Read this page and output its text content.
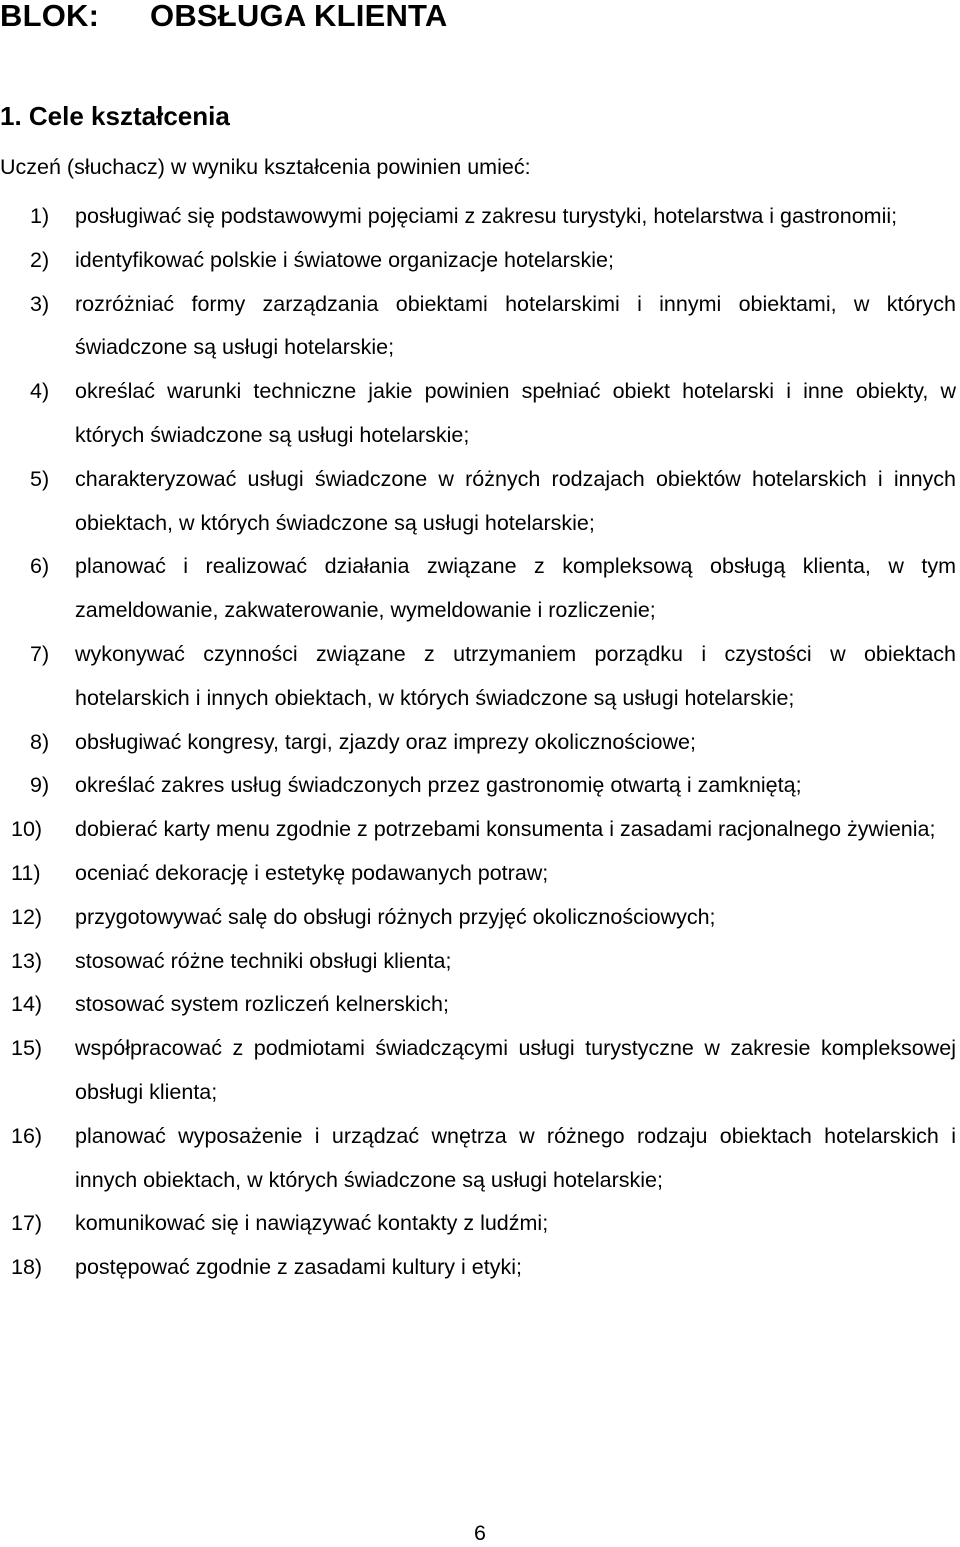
BLOK: OBSŁUGA KLIENTA
1. Cele kształcenia
Uczeń (słuchacz) w wyniku kształcenia powinien umieć:
1) posługiwać się podstawowymi pojęciami z zakresu turystyki, hotelarstwa i gastronomii;
2) identyfikować polskie i światowe organizacje hotelarskie;
3) rozróżniać formy zarządzania obiektami hotelarskimi i innymi obiektami, w których świadczone są usługi hotelarskie;
4) określać warunki techniczne jakie powinien spełniać obiekt hotelarski i inne obiekty, w których świadczone są usługi hotelarskie;
5) charakteryzować usługi świadczone w różnych rodzajach obiektów hotelarskich i innych obiektach, w których świadczone są usługi hotelarskie;
6) planować i realizować działania związane z kompleksową obsługą klienta, w tym zameldowanie, zakwaterowanie, wymeldowanie i rozliczenie;
7) wykonywać czynności związane z utrzymaniem porządku i czystości w obiektach hotelarskich i innych obiektach, w których świadczone są usługi hotelarskie;
8) obsługiwać kongresy, targi, zjazdy oraz imprezy okolicznościowe;
9) określać zakres usług świadczonych przez gastronomię otwartą i zamkniętą;
10) dobierać karty menu zgodnie z potrzebami konsumenta i zasadami racjonalnego żywienia;
11) oceniać dekorację i estetykę podawanych potraw;
12) przygotowywać salę do obsługi różnych przyjęć okolicznościowych;
13) stosować różne techniki obsługi klienta;
14) stosować system rozliczeń kelnerskich;
15) współpracować z podmiotami świadczącymi usługi turystyczne w zakresie kompleksowej obsługi klienta;
16) planować wyposażenie i urządzać wnętrza w różnego rodzaju obiektach hotelarskich i innych obiektach, w których świadczone są usługi hotelarskie;
17) komunikować się i nawiązywać kontakty z ludźmi;
18) postępować zgodnie z zasadami kultury i etyki;
6
